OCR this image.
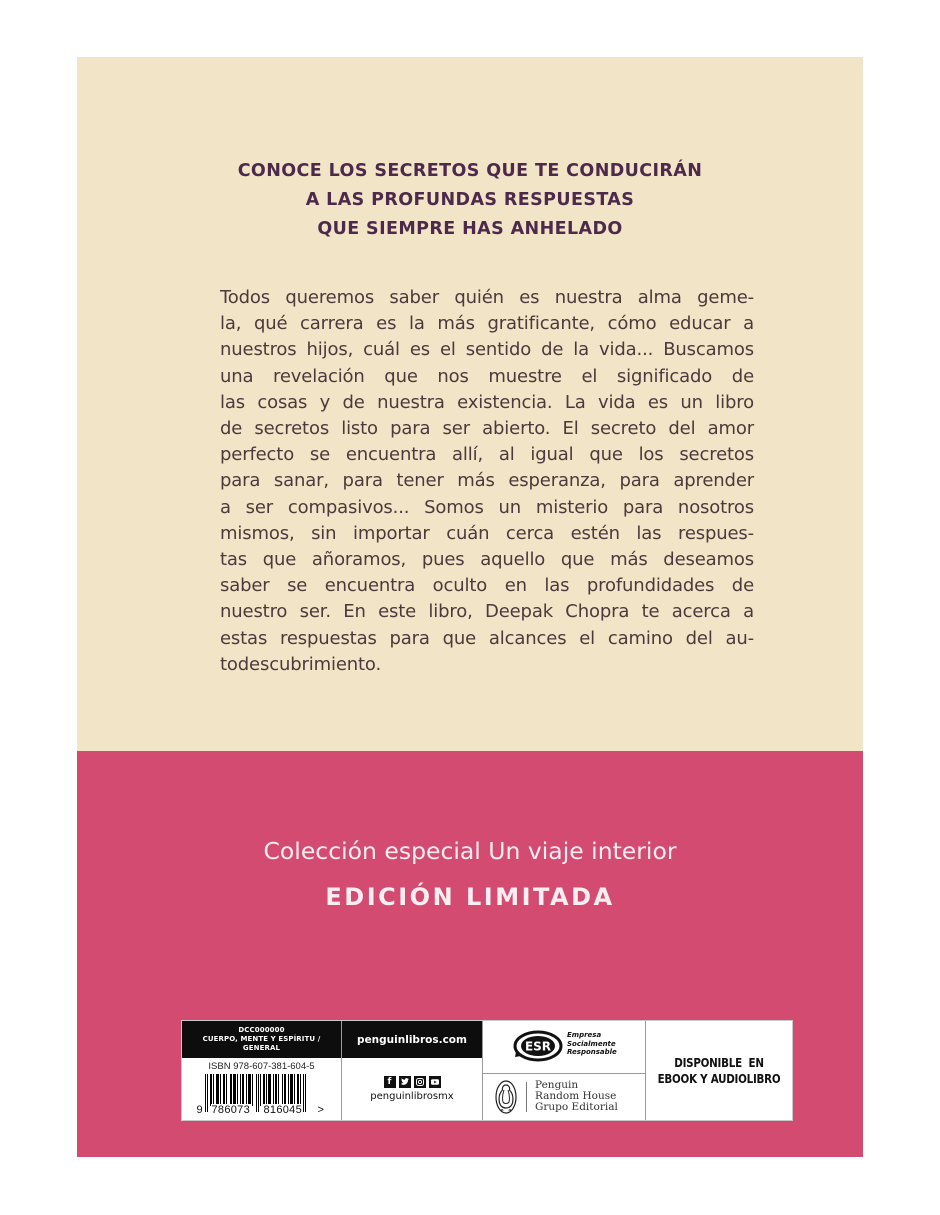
CONOCE LOS SECRETOS QUE TE CONDUCIRÁN
A LAS PROFUNDAS RESPUESTAS
QUE SIEMPRE HAS ANHELADO
Todos queremos saber quién es nuestra alma geme-
la, qué carrera es la más gratificante, cómo educar a
nuestros hijos, cuál es el sentido de la vida... Buscamos
una revelación que nos muestre el significado de
las cosas y de nuestra existencia. La vida es un libro
de secretos listo para ser abierto. El secreto del amor
perfecto se encuentra allí, al igual que los secretos
para sanar, para tener más esperanza, para aprender
a ser compasivos... Somos un misterio para nosotros
mismos, sin importar cuán cerca estén las respues-
tas que añoramos, pues aquello que más deseamos
saber se encuentra oculto en las profundidades de
nuestro ser. En este libro, Deepak Chopra te acerca a
estas respuestas para que alcances el camino del au-
todescubrimiento.
Colección especial Un viaje interior
EDICIÓN LIMITADA
DCC000000
CUERPO, MENTE Y ESPÍRITU /
GENERAL
ISBN 978-607-381-604-5
9 786073 816045 >
penguinlibros.com
f
penguinlibrosmx
ESR
Empresa
Socialmente
Responsable
Penguin
Random House
Grupo Editorial
DISPONIBLE  EN
EBOOK Y AUDIOLIBRO
